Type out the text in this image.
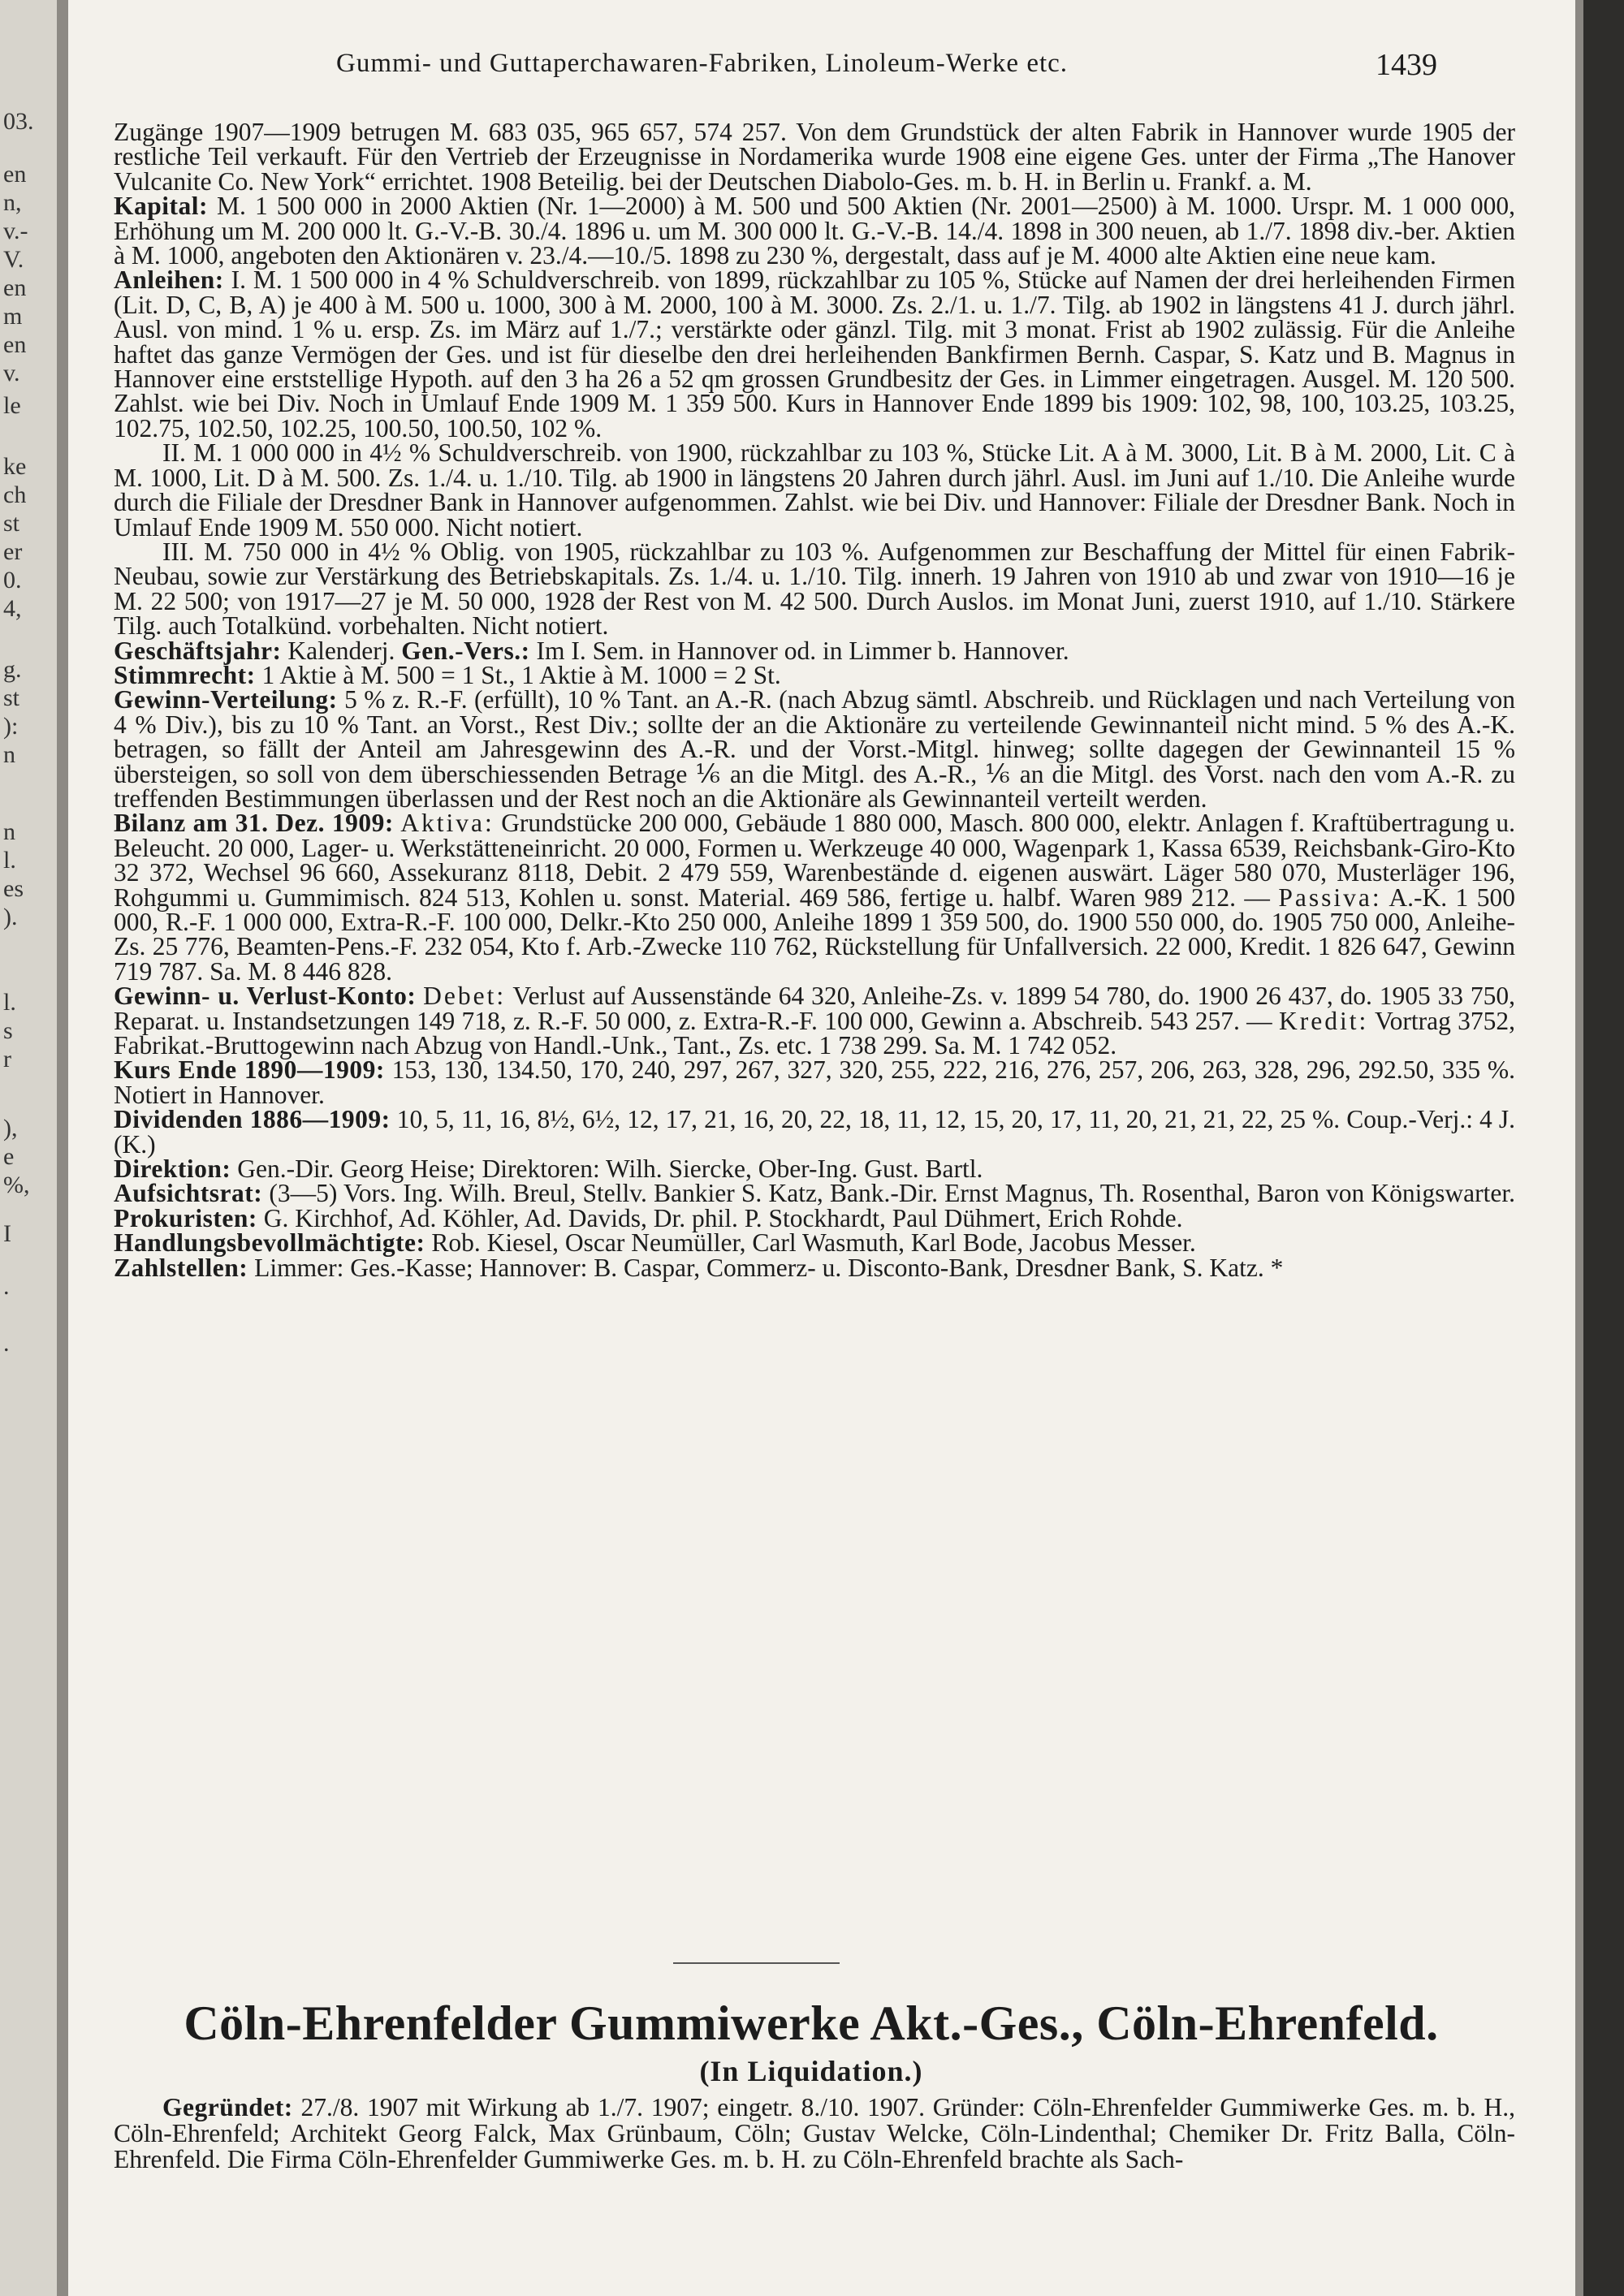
03.
en
n,
v.-
V.
en
m
en
v.
le
ke
ch
st
er
0.
4,
g.
st
):
n
n
l.
es
).
l.
s
r
),
e
%,
I
.
.
Gummi- und Guttaperchawaren-Fabriken, Linoleum-Werke etc.	1439

Zugänge 1907—1909 betrugen M. 683 035, 965 657, 574 257. Von dem Grundstück der alten Fabrik in Hannover wurde 1905 der restliche Teil verkauft. Für den Vertrieb der Erzeugnisse in Nordamerika wurde 1908 eine eigene Ges. unter der Firma „The Hanover Vulcanite Co. New York“ errichtet. 1908 Beteilig. bei der Deutschen Diabolo-Ges. m. b. H. in Berlin u. Frankf. a. M.

Kapital: M. 1 500 000 in 2000 Aktien (Nr. 1—2000) à M. 500 und 500 Aktien (Nr. 2001—2500) à M. 1000. Urspr. M. 1 000 000, Erhöhung um M. 200 000 lt. G.-V.-B. 30./4. 1896 u. um M. 300 000 lt. G.-V.-B. 14./4. 1898 in 300 neuen, ab 1./7. 1898 div.-ber. Aktien à M. 1000, angeboten den Aktionären v. 23./4.—10./5. 1898 zu 230 %, dergestalt, dass auf je M. 4000 alte Aktien eine neue kam.

Anleihen: I. M. 1 500 000 in 4 % Schuldverschreib. von 1899, rückzahlbar zu 105 %, Stücke auf Namen der drei herleihenden Firmen (Lit. D, C, B, A) je 400 à M. 500 u. 1000, 300 à M. 2000, 100 à M. 3000. Zs. 2./1. u. 1./7. Tilg. ab 1902 in längstens 41 J. durch jährl. Ausl. von mind. 1 % u. ersp. Zs. im März auf 1./7.; verstärkte oder gänzl. Tilg. mit 3 monat. Frist ab 1902 zulässig. Für die Anleihe haftet das ganze Vermögen der Ges. und ist für dieselbe den drei herleihenden Bankfirmen Bernh. Caspar, S. Katz und B. Magnus in Hannover eine erststellige Hypoth. auf den 3 ha 26 a 52 qm grossen Grundbesitz der Ges. in Limmer eingetragen. Ausgel. M. 120 500. Zahlst. wie bei Div. Noch in Umlauf Ende 1909 M. 1 359 500. Kurs in Hannover Ende 1899 bis 1909: 102, 98, 100, 103.25, 103.25, 102.75, 102.50, 102.25, 100.50, 100.50, 102 %.

II. M. 1 000 000 in 4½ % Schuldverschreib. von 1900, rückzahlbar zu 103 %, Stücke Lit. A à M. 3000, Lit. B à M. 2000, Lit. C à M. 1000, Lit. D à M. 500. Zs. 1./4. u. 1./10. Tilg. ab 1900 in längstens 20 Jahren durch jährl. Ausl. im Juni auf 1./10. Die Anleihe wurde durch die Filiale der Dresdner Bank in Hannover aufgenommen. Zahlst. wie bei Div. und Hannover: Filiale der Dresdner Bank. Noch in Umlauf Ende 1909 M. 550 000. Nicht notiert.

III. M. 750 000 in 4½ % Oblig. von 1905, rückzahlbar zu 103 %. Aufgenommen zur Beschaffung der Mittel für einen Fabrik-Neubau, sowie zur Verstärkung des Betriebskapitals. Zs. 1./4. u. 1./10. Tilg. innerh. 19 Jahren von 1910 ab und zwar von 1910—16 je M. 22 500; von 1917—27 je M. 50 000, 1928 der Rest von M. 42 500. Durch Auslos. im Monat Juni, zuerst 1910, auf 1./10. Stärkere Tilg. auch Totalkünd. vorbehalten. Nicht notiert.

Geschäftsjahr: Kalenderj. Gen.-Vers.: Im I. Sem. in Hannover od. in Limmer b. Hannover.

Stimmrecht: 1 Aktie à M. 500 = 1 St., 1 Aktie à M. 1000 = 2 St.

Gewinn-Verteilung: 5 % z. R.-F. (erfüllt), 10 % Tant. an A.-R. (nach Abzug sämtl. Abschreib. und Rücklagen und nach Verteilung von 4 % Div.), bis zu 10 % Tant. an Vorst., Rest Div.; sollte der an die Aktionäre zu verteilende Gewinnanteil nicht mind. 5 % des A.-K. betragen, so fällt der Anteil am Jahresgewinn des A.-R. und der Vorst.-Mitgl. hinweg; sollte dagegen der Gewinnanteil 15 % übersteigen, so soll von dem überschiessenden Betrage ⅙ an die Mitgl. des A.-R., ⅙ an die Mitgl. des Vorst. nach den vom A.-R. zu treffenden Bestimmungen überlassen und der Rest noch an die Aktionäre als Gewinnanteil verteilt werden.

Bilanz am 31. Dez. 1909: Aktiva: Grundstücke 200 000, Gebäude 1 880 000, Masch. 800 000, elektr. Anlagen f. Kraftübertragung u. Beleucht. 20 000, Lager- u. Werkstätteneinricht. 20 000, Formen u. Werkzeuge 40 000, Wagenpark 1, Kassa 6539, Reichsbank-Giro-Kto 32 372, Wechsel 96 660, Assekuranz 8118, Debit. 2 479 559, Warenbestände d. eigenen auswärt. Läger 580 070, Musterläger 196, Rohgummi u. Gummimisch. 824 513, Kohlen u. sonst. Material. 469 586, fertige u. halbf. Waren 989 212. — Passiva: A.-K. 1 500 000, R.-F. 1 000 000, Extra-R.-F. 100 000, Delkr.-Kto 250 000, Anleihe 1899 1 359 500, do. 1900 550 000, do. 1905 750 000, Anleihe-Zs. 25 776, Beamten-Pens.-F. 232 054, Kto f. Arb.-Zwecke 110 762, Rückstellung für Unfallversich. 22 000, Kredit. 1 826 647, Gewinn 719 787. Sa. M. 8 446 828.

Gewinn- u. Verlust-Konto: Debet: Verlust auf Aussenstände 64 320, Anleihe-Zs. v. 1899 54 780, do. 1900 26 437, do. 1905 33 750, Reparat. u. Instandsetzungen 149 718, z. R.-F. 50 000, z. Extra-R.-F. 100 000, Gewinn a. Abschreib. 543 257. — Kredit: Vortrag 3752, Fabrikat.-Bruttogewinn nach Abzug von Handl.-Unk., Tant., Zs. etc. 1 738 299. Sa. M. 1 742 052.

Kurs Ende 1890—1909: 153, 130, 134.50, 170, 240, 297, 267, 327, 320, 255, 222, 216, 276, 257, 206, 263, 328, 296, 292.50, 335 %. Notiert in Hannover.

Dividenden 1886—1909: 10, 5, 11, 16, 8½, 6½, 12, 17, 21, 16, 20, 22, 18, 11, 12, 15, 20, 17, 11, 20, 21, 21, 22, 25 %. Coup.-Verj.: 4 J. (K.)

Direktion: Gen.-Dir. Georg Heise; Direktoren: Wilh. Siercke, Ober-Ing. Gust. Bartl.

Aufsichtsrat: (3—5) Vors. Ing. Wilh. Breul, Stellv. Bankier S. Katz, Bank.-Dir. Ernst Magnus, Th. Rosenthal, Baron von Königswarter. Prokuristen: G. Kirchhof, Ad. Köhler, Ad. Davids, Dr. phil. P. Stockhardt, Paul Dühmert, Erich Rohde.

Handlungsbevollmächtigte: Rob. Kiesel, Oscar Neumüller, Carl Wasmuth, Karl Bode, Jacobus Messer.

Zahlstellen: Limmer: Ges.-Kasse; Hannover: B. Caspar, Commerz- u. Disconto-Bank, Dresdner Bank, S. Katz. *

Cöln-Ehrenfelder Gummiwerke Akt.-Ges., Cöln-Ehrenfeld.
(In Liquidation.)

Gegründet: 27./8. 1907 mit Wirkung ab 1./7. 1907; eingetr. 8./10. 1907. Gründer: Cöln-Ehrenfelder Gummiwerke Ges. m. b. H., Cöln-Ehrenfeld; Architekt Georg Falck, Max Grünbaum, Cöln; Gustav Welcke, Cöln-Lindenthal; Chemiker Dr. Fritz Balla, Cöln-Ehrenfeld. Die Firma Cöln-Ehrenfelder Gummiwerke Ges. m. b. H. zu Cöln-Ehrenfeld brachte als Sach-
